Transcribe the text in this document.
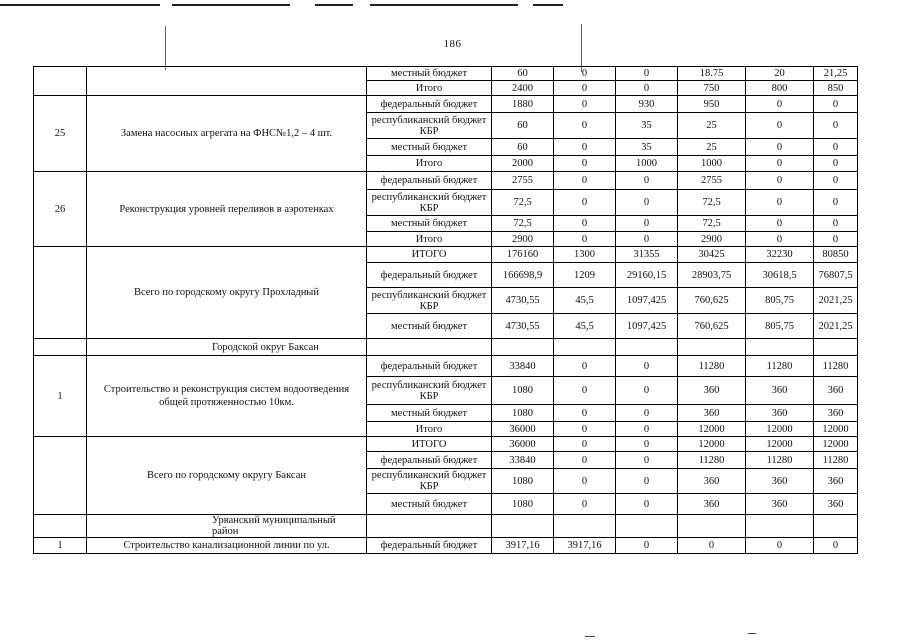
186
		местный бюджет	60	0	0	18.75	20	21,25
		Итого	2400	0	0	750	800	850
25	Замена насосных агрегата на ФНС№1,2 – 4 шт.	федеральный бюджет	1880	0	930	950	0	0
		республиканский бюджет КБР	60	0	35	25	0	0
		местный бюджет	60	0	35	25	0	0
		Итого	2000	0	1000	1000	0	0
26	Реконструкция уровней переливов в аэротенках	федеральный бюджет	2755	0	0	2755	0	0
		республиканский бюджет КБР	72,5	0	0	72,5	0	0
		местный бюджет	72,5	0	0	72,5	0	0
		Итого	2900	0	0	2900	0	0
	Всего по городскому округу Прохладный	ИТОГО	176160	1300	31355	30425	32230	80850
		федеральный бюджет	166698,9	1209	29160,15	28903,75	30618,5	76807,5
		республиканский бюджет КБР	4730,55	45,5	1097,425	760,625	805,75	2021,25
		местный бюджет	4730,55	45,5	1097,425	760,625	805,75	2021,25
	Городской округ Баксан							
1	Строительство и реконструкция систем водоотведения общей протяженностью 10км.	федеральный бюджет	33840	0	0	11280	11280	11280
		республиканский бюджет КБР	1080	0	0	360	360	360
		местный бюджет	1080	0	0	360	360	360
		Итого	36000	0	0	12000	12000	12000
	Всего по городскому округу Баксан	ИТОГО	36000	0	0	12000	12000	12000
		федеральный бюджет	33840	0	0	11280	11280	11280
		республиканский бюджет КБР	1080	0	0	360	360	360
		местный бюджет	1080	0	0	360	360	360
	Урванский муниципальный район							
1	Строительство канализационной линии по ул.	федеральный бюджет	3917,16	3917,16	0	0	0	0
